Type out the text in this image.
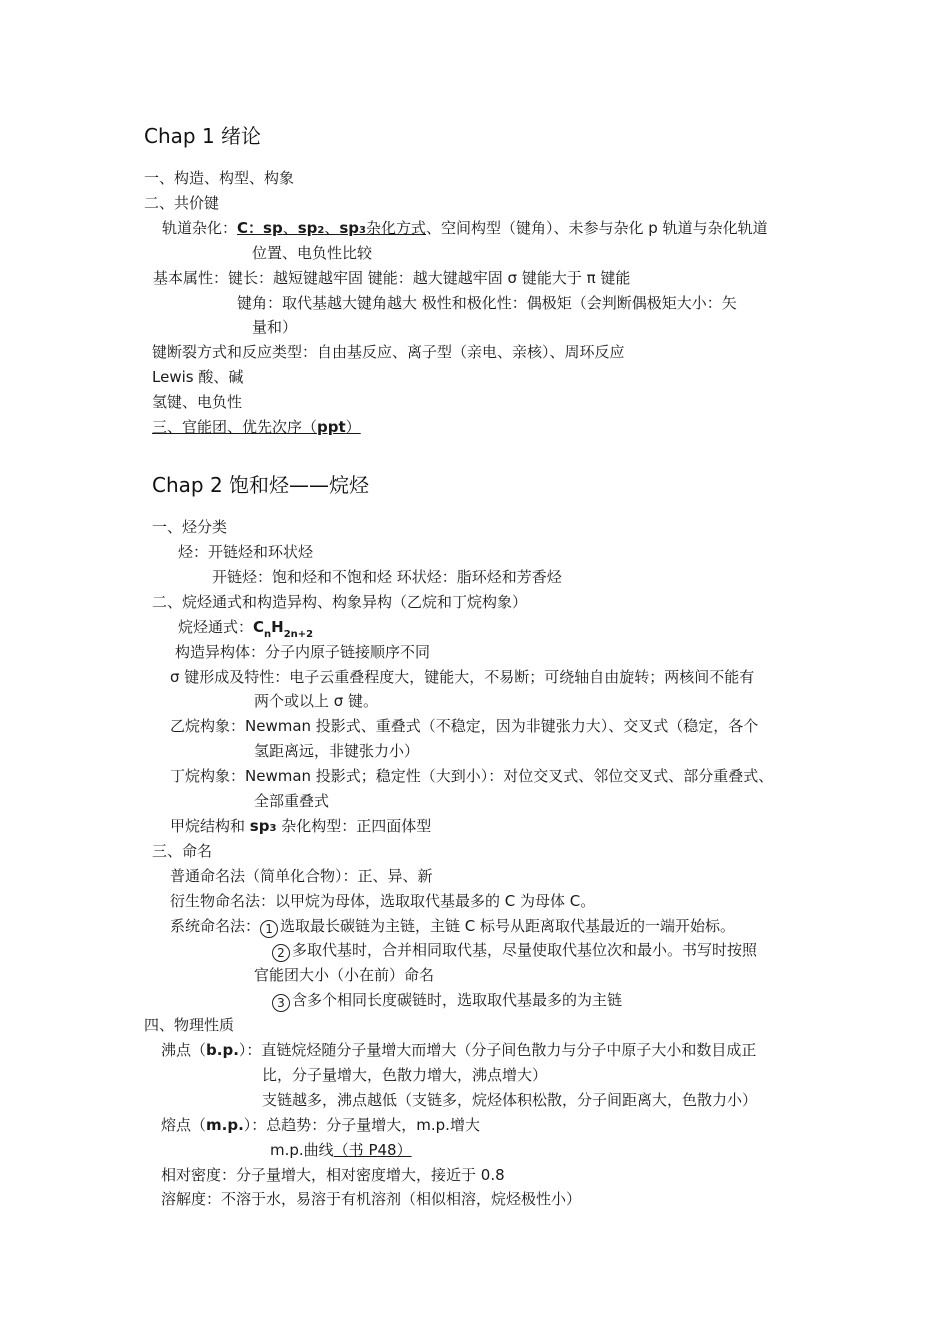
Chap 1 绪论
一、构造、构型、构象
二、共价键
轨道杂化：C：sp、sp2、sp3杂化方式、空间构型（键角）、未参与杂化 p 轨道与杂化轨道
位置、电负性比较
基本属性：键长：越短键越牢固 键能：越大键越牢固 σ 键能大于 π 键能
键角：取代基越大键角越大 极性和极化性：偶极矩（会判断偶极矩大小：矢
量和）
键断裂方式和反应类型：自由基反应、离子型（亲电、亲核）、周环反应
Lewis 酸、碱
氢键、电负性
三、官能团、优先次序（ppt）
Chap 2 饱和烃——烷烃
一、烃分类
烃：开链烃和环状烃
开链烃：饱和烃和不饱和烃 环状烃：脂环烃和芳香烃
二、烷烃通式和构造异构、构象异构（乙烷和丁烷构象）
烷烃通式：$C_nH_{2n+2}$
构造异构体：分子内原子链接顺序不同
σ 键形成及特性：电子云重叠程度大，键能大，不易断；可绕轴自由旋转；两核间不能有
两个或以上 σ 键。
乙烷构象：Newman 投影式、重叠式（不稳定，因为非键张力大）、交叉式（稳定，各个
氢距离远，非键张力小）
丁烷构象：Newman 投影式；稳定性（大到小）：对位交叉式、邻位交叉式、部分重叠式、
全部重叠式
甲烷结构和 sp3 杂化构型：正四面体型
三、命名
普通命名法（简单化合物）：正、异、新
衍生物命名法：以甲烷为母体，选取取代基最多的 C 为母体 C。
系统命名法： 1 选取最长碳链为主链，主链 C 标号从距离取代基最近的一端开始标。
2 多取代基时，合并相同取代基，尽量使取代基位次和最小。书写时按照
官能团大小（小在前）命名
3 含多个相同长度碳链时，选取取代基最多的为主链
四、物理性质
沸点（b.p.）：直链烷烃随分子量增大而增大（分子间色散力与分子中原子大小和数目成正
比，分子量增大，色散力增大，沸点增大）
支链越多，沸点越低（支链多，烷烃体积松散，分子间距离大，色散力小）
熔点（m.p.）：总趋势：分子量增大，m.p.增大
m.p.曲线（书 P48）
相对密度：分子量增大，相对密度增大，接近于 0.8
溶解度：不溶于水，易溶于有机溶剂（相似相溶，烷烃极性小）
